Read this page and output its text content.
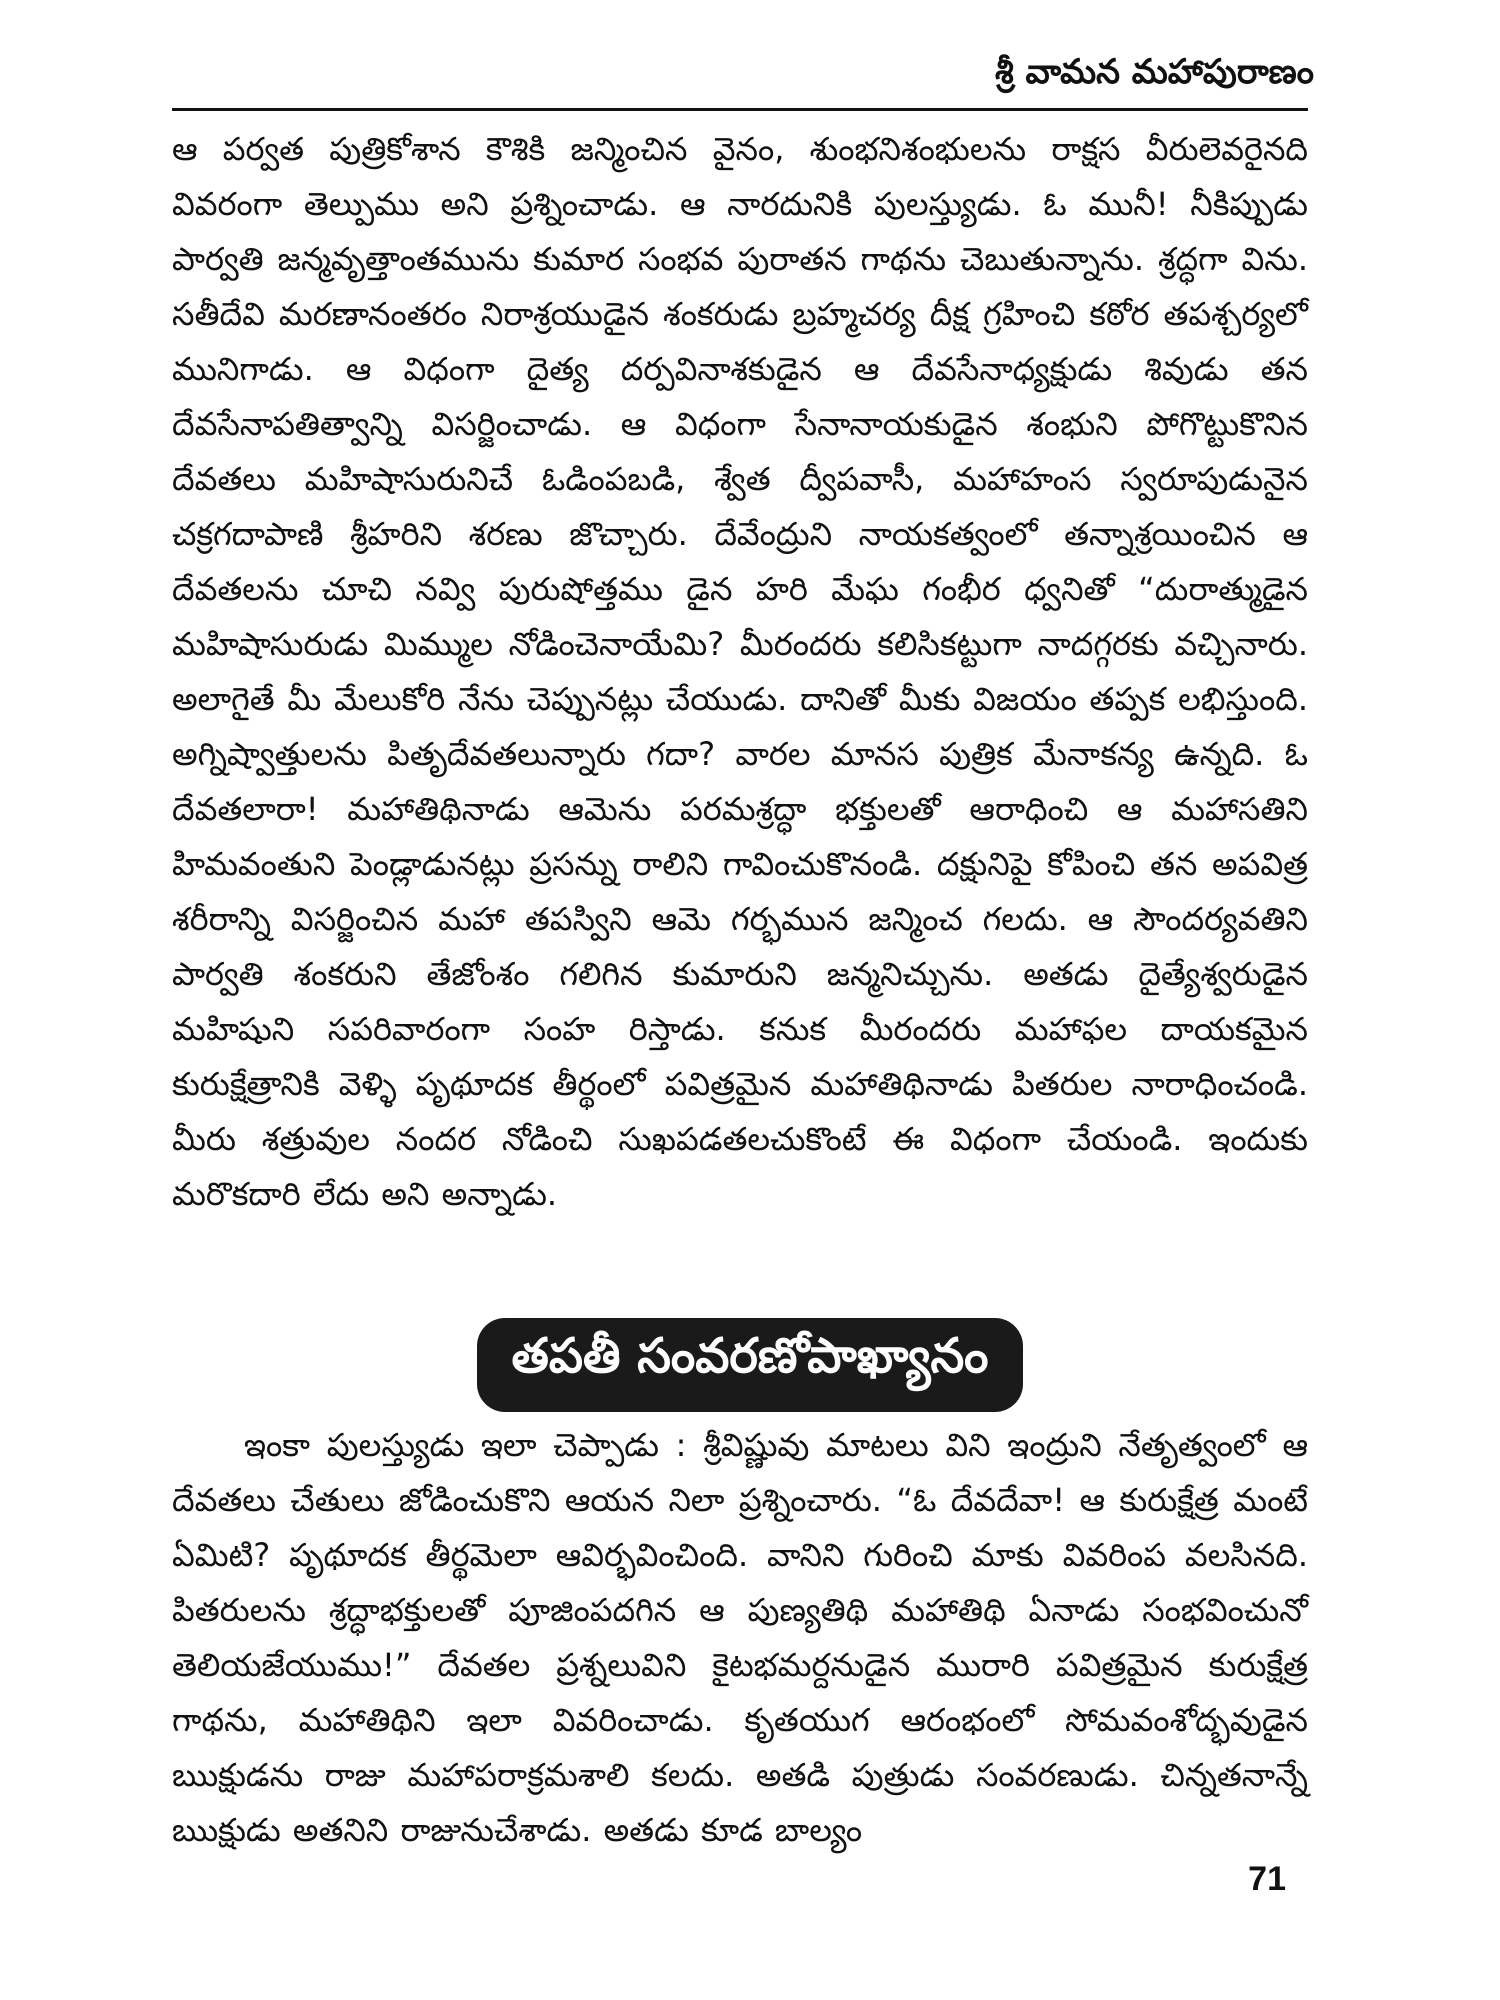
శ్రీ వామన మహాపురాణం

ఆ పర్వత పుత్రికోశాన కౌశికి జన్మించిన వైనం, శుంభనిశంభులను రాక్షస వీరులెవరైనది వివరంగా తెల్పుము అని ప్రశ్నించాడు. ఆ నారదునికి పులస్త్యుడు. ఓ మునీ! నీకిప్పుడు పార్వతి జన్మవృత్తాంతమును కుమార సంభవ పురాతన గాథను చెబుతున్నాను. శ్రద్ధగా విను. సతీదేవి మరణానంతరం నిరాశ్రయుడైన శంకరుడు బ్రహ్మచర్య దీక్ష గ్రహించి కఠోర తపశ్చర్యలో మునిగాడు. ఆ విధంగా దైత్య దర్పవినాశకుడైన ఆ దేవసేనాధ్యక్షుడు శివుడు తన దేవసేనాపతిత్వాన్ని విసర్జించాడు. ఆ విధంగా సేనానాయకుడైన శంభుని పోగొట్టుకొనిన దేవతలు మహిషాసురునిచే ఓడింపబడి, శ్వేత ద్వీపవాసీ, మహాహంస స్వరూపుడునైన చక్రగదాపాణి శ్రీహరిని శరణు జొచ్చారు. దేవేంద్రుని నాయకత్వంలో తన్నాశ్రయించిన ఆ దేవతలను చూచి నవ్వి పురుషోత్తము డైన హరి మేఘ గంభీర ధ్వనితో “దురాత్ముడైన మహిషాసురుడు మిమ్ముల నోడించెనాయేమి? మీరందరు కలిసికట్టుగా నాదగ్గరకు వచ్చినారు. అలాగైతే మీ మేలుకోరి నేను చెప్పునట్లు చేయుడు. దానితో మీకు విజయం తప్పక లభిస్తుంది. అగ్నిష్వాత్తులను పితృదేవతలున్నారు గదా? వారల మానస పుత్రిక మేనాకన్య ఉన్నది. ఓ దేవతలారా! మహాతిథినాడు ఆమెను పరమశ్రద్ధా భక్తులతో ఆరాధించి ఆ మహాసతిని హిమవంతుని పెండ్లాడునట్లు ప్రసన్ను రాలిని గావించుకొనండి. దక్షునిపై కోపించి తన అపవిత్ర శరీరాన్ని విసర్జించిన మహా తపస్విని ఆమె గర్భమున జన్మించ గలదు. ఆ సౌందర్యవతిని పార్వతి శంకరుని తేజోంశం గలిగిన కుమారుని జన్మనిచ్చును. అతడు దైత్యేశ్వరుడైన మహిషుని సపరివారంగా సంహ రిస్తాడు. కనుక మీరందరు మహాఫల దాయకమైన కురుక్షేత్రానికి వెళ్ళి పృథూదక తీర్థంలో పవిత్రమైన మహాతిథినాడు పితరుల నారాధించండి. మీరు శత్రువుల నందర నోడించి సుఖపడతలచుకొంటే ఈ విధంగా చేయండి. ఇందుకు మరొకదారి లేదు అని అన్నాడు.

తపతీ సంవరణోపాఖ్యానం

ఇంకా పులస్త్యుడు ఇలా చెప్పాడు : శ్రీవిష్ణువు మాటలు విని ఇంద్రుని నేతృత్వంలో ఆ దేవతలు చేతులు జోడించుకొని ఆయన నిలా ప్రశ్నించారు. “ఓ దేవదేవా! ఆ కురుక్షేత్ర మంటే ఏమిటి? పృథూదక తీర్థమెలా ఆవిర్భవించింది. వానిని గురించి మాకు వివరింప వలసినది. పితరులను శ్రద్ధాభక్తులతో పూజింపదగిన ఆ పుణ్యతిథి మహాతిథి ఏనాడు సంభవించునో తెలియజేయుము!” దేవతల ప్రశ్నలువిని కైటభమర్దనుడైన మురారి పవిత్రమైన కురుక్షేత్ర గాథను, మహాతిథిని ఇలా వివరించాడు. కృతయుగ ఆరంభంలో సోమవంశోద్భవుడైన ఋక్షుడను రాజు మహాపరాక్రమశాలి కలదు. అతడి పుత్రుడు సంవరణుడు. చిన్నతనాన్నే ఋక్షుడు అతనిని రాజునుచేశాడు. అతడు కూడ బాల్యం

71
